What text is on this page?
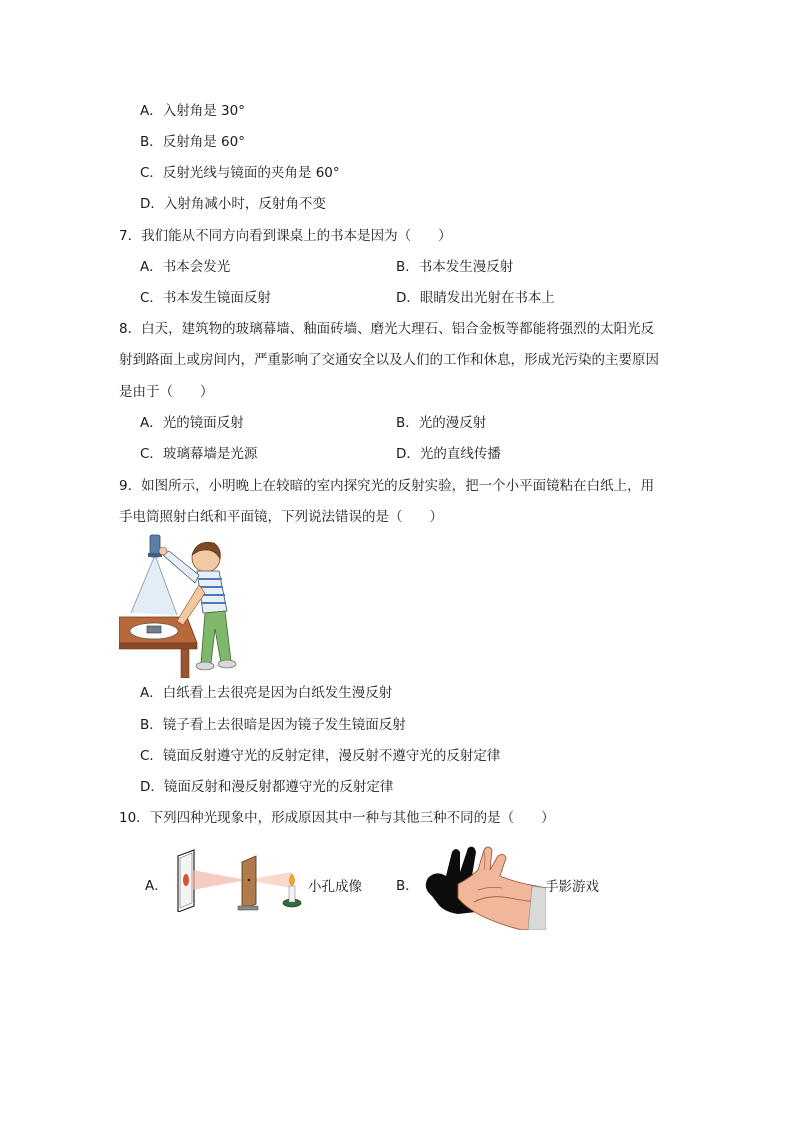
A．入射角是 30°
B．反射角是 60°
C．反射光线与镜面的夹角是 60°
D．入射角减小时，反射角不变
7．我们能从不同方向看到课桌上的书本是因为（　　）
A．书本会发光	B．书本发生漫反射
C．书本发生镜面反射	D．眼睛发出光射在书本上
8．白天，建筑物的玻璃幕墙、釉面砖墙、磨光大理石、铝合金板等都能将强烈的太阳光反
射到路面上或房间内，严重影响了交通安全以及人们的工作和休息，形成光污染的主要原因
是由于（　　）
A．光的镜面反射	B．光的漫反射
C．玻璃幕墙是光源	D．光的直线传播
9．如图所示，小明晚上在较暗的室内探究光的反射实验，把一个小平面镜粘在白纸上，用
手电筒照射白纸和平面镜，下列说法错误的是（　　）
A．白纸看上去很亮是因为白纸发生漫反射
B．镜子看上去很暗是因为镜子发生镜面反射
C．镜面反射遵守光的反射定律，漫反射不遵守光的反射定律
D．镜面反射和漫反射都遵守光的反射定律
10．下列四种光现象中，形成原因其中一种与其他三种不同的是（　　）
A．	小孔成像	B．	手影游戏
